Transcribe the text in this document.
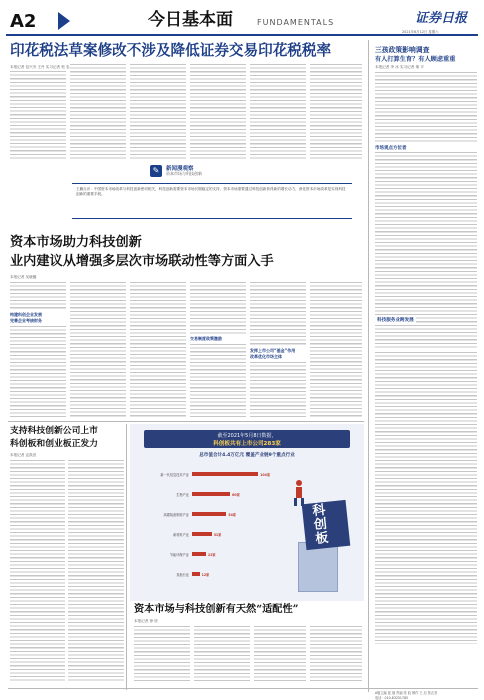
A2	今日基本面	FUNDAMENTALS	证券日报
2021年6月12日 星期六
印花税法草案修改不涉及降低证券交易印花税税率
本报记者 包兴安 王丹 实习记者 郭 忠
三孩政策影响调查
有人打算生育？有人顾虑重重
本报记者 李 冰 实习记者 秦 平
市场观点方位者
科技服务业跨发展
✎	新闻漫观察
资本市场与科技创新
王鹏点评：中国资本市场改革与科技创新密切相关，科技创新需要资本市场长期稳定的支持，资本市场需要通过科技创新获得新的增长动力，深化资本市场改革是实现科技创新的重要手段。
资本市场助力科技创新
业内建议从增强多层次市场联动性等方面入手
本报记者 吴晓璐
构建科创企业发展
完善企业考核财务
交易制度政策激励
发挥上市公司“基金”作用
改革优化市场主体
支持科技创新公司上市
科创板和创业板正发力
本报记者 孟凯田
截至2021年5月8日数据，
科创板共有上市公司283家
总市值合计4.4万亿元 覆盖产业链9个重点行业
新一代信息技术产业	104家
生物产业	60家
高端装备制造产业	54家
新材料产业	31家
节能环保产业	22家
其他行业	12家
科创板
资本市场与科技创新有天然“适配性”
本报记者 徐 欣
A版主编 蓝 瑞 责编 张 骁 制作 王 迟 张志坚
电话：010-83251785
